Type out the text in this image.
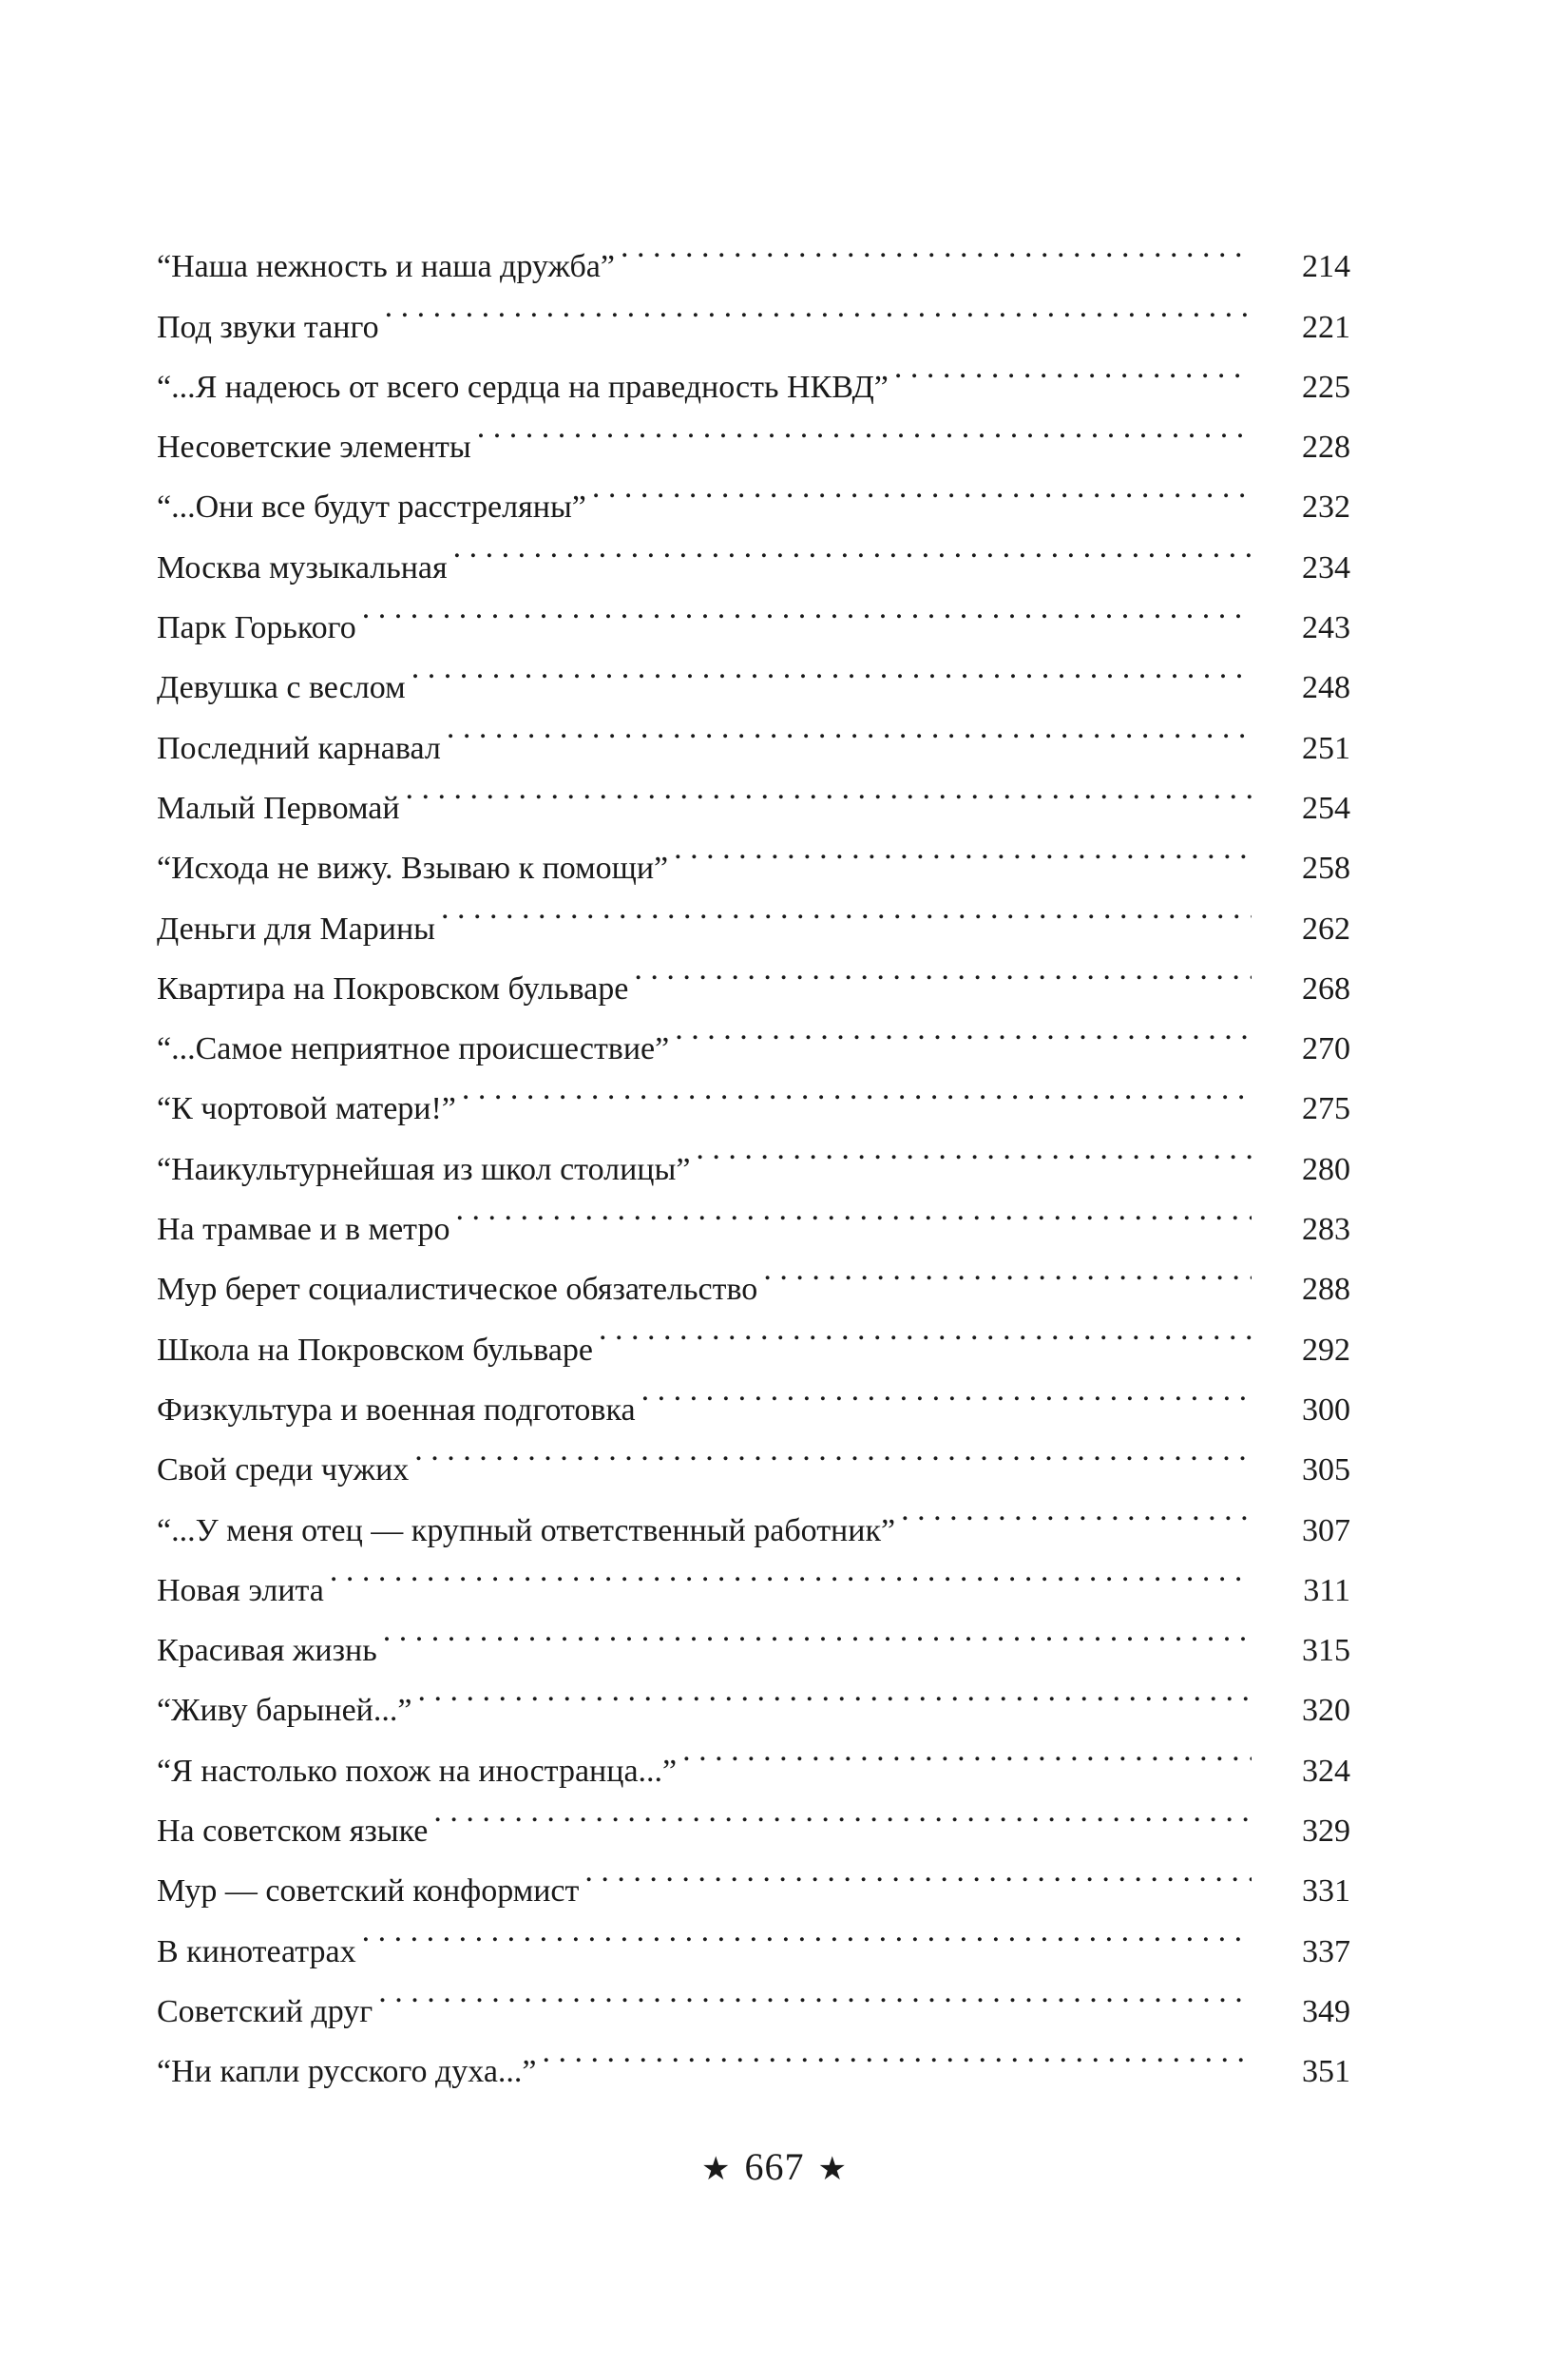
“Наша нежность и наша дружба” . . .	214
Под звуки танго . . .	221
“...Я надеюсь от всего сердца на праведность НКВД” . . .	225
Несоветские элементы . . .	228
“...Они все будут расстреляны” . . .	232
Москва музыкальная . . .	234
Парк Горького . . .	243
Девушка с веслом . . .	248
Последний карнавал . . .	251
Малый Первомай . . .	254
“Исхода не вижу. Взываю к помощи” . . .	258
Деньги для Марины . . .	262
Квартира на Покровском бульваре . . .	268
“...Самое неприятное происшествие” . . .	270
“К чортовой матери!” . . .	275
“Наикультурнейшая из школ столицы” . . .	280
На трамвае и в метро . . .	283
Мур берет социалистическое обязательство . . .	288
Школа на Покровском бульваре . . .	292
Физкультура и военная подготовка . . .	300
Свой среди чужих . . .	305
“...У меня отец — крупный ответственный работник” . . .	307
Новая элита . . .	311
Красивая жизнь . . .	315
“Живу барыней...” . . .	320
“Я настолько похож на иностранца...” . . .	324
На советском языке . . .	329
Мур — советский конформист . . .	331
В кинотеатрах . . .	337
Советский друг . . .	349
“Ни капли русского духа...” . . .	351
★ 667 ★
